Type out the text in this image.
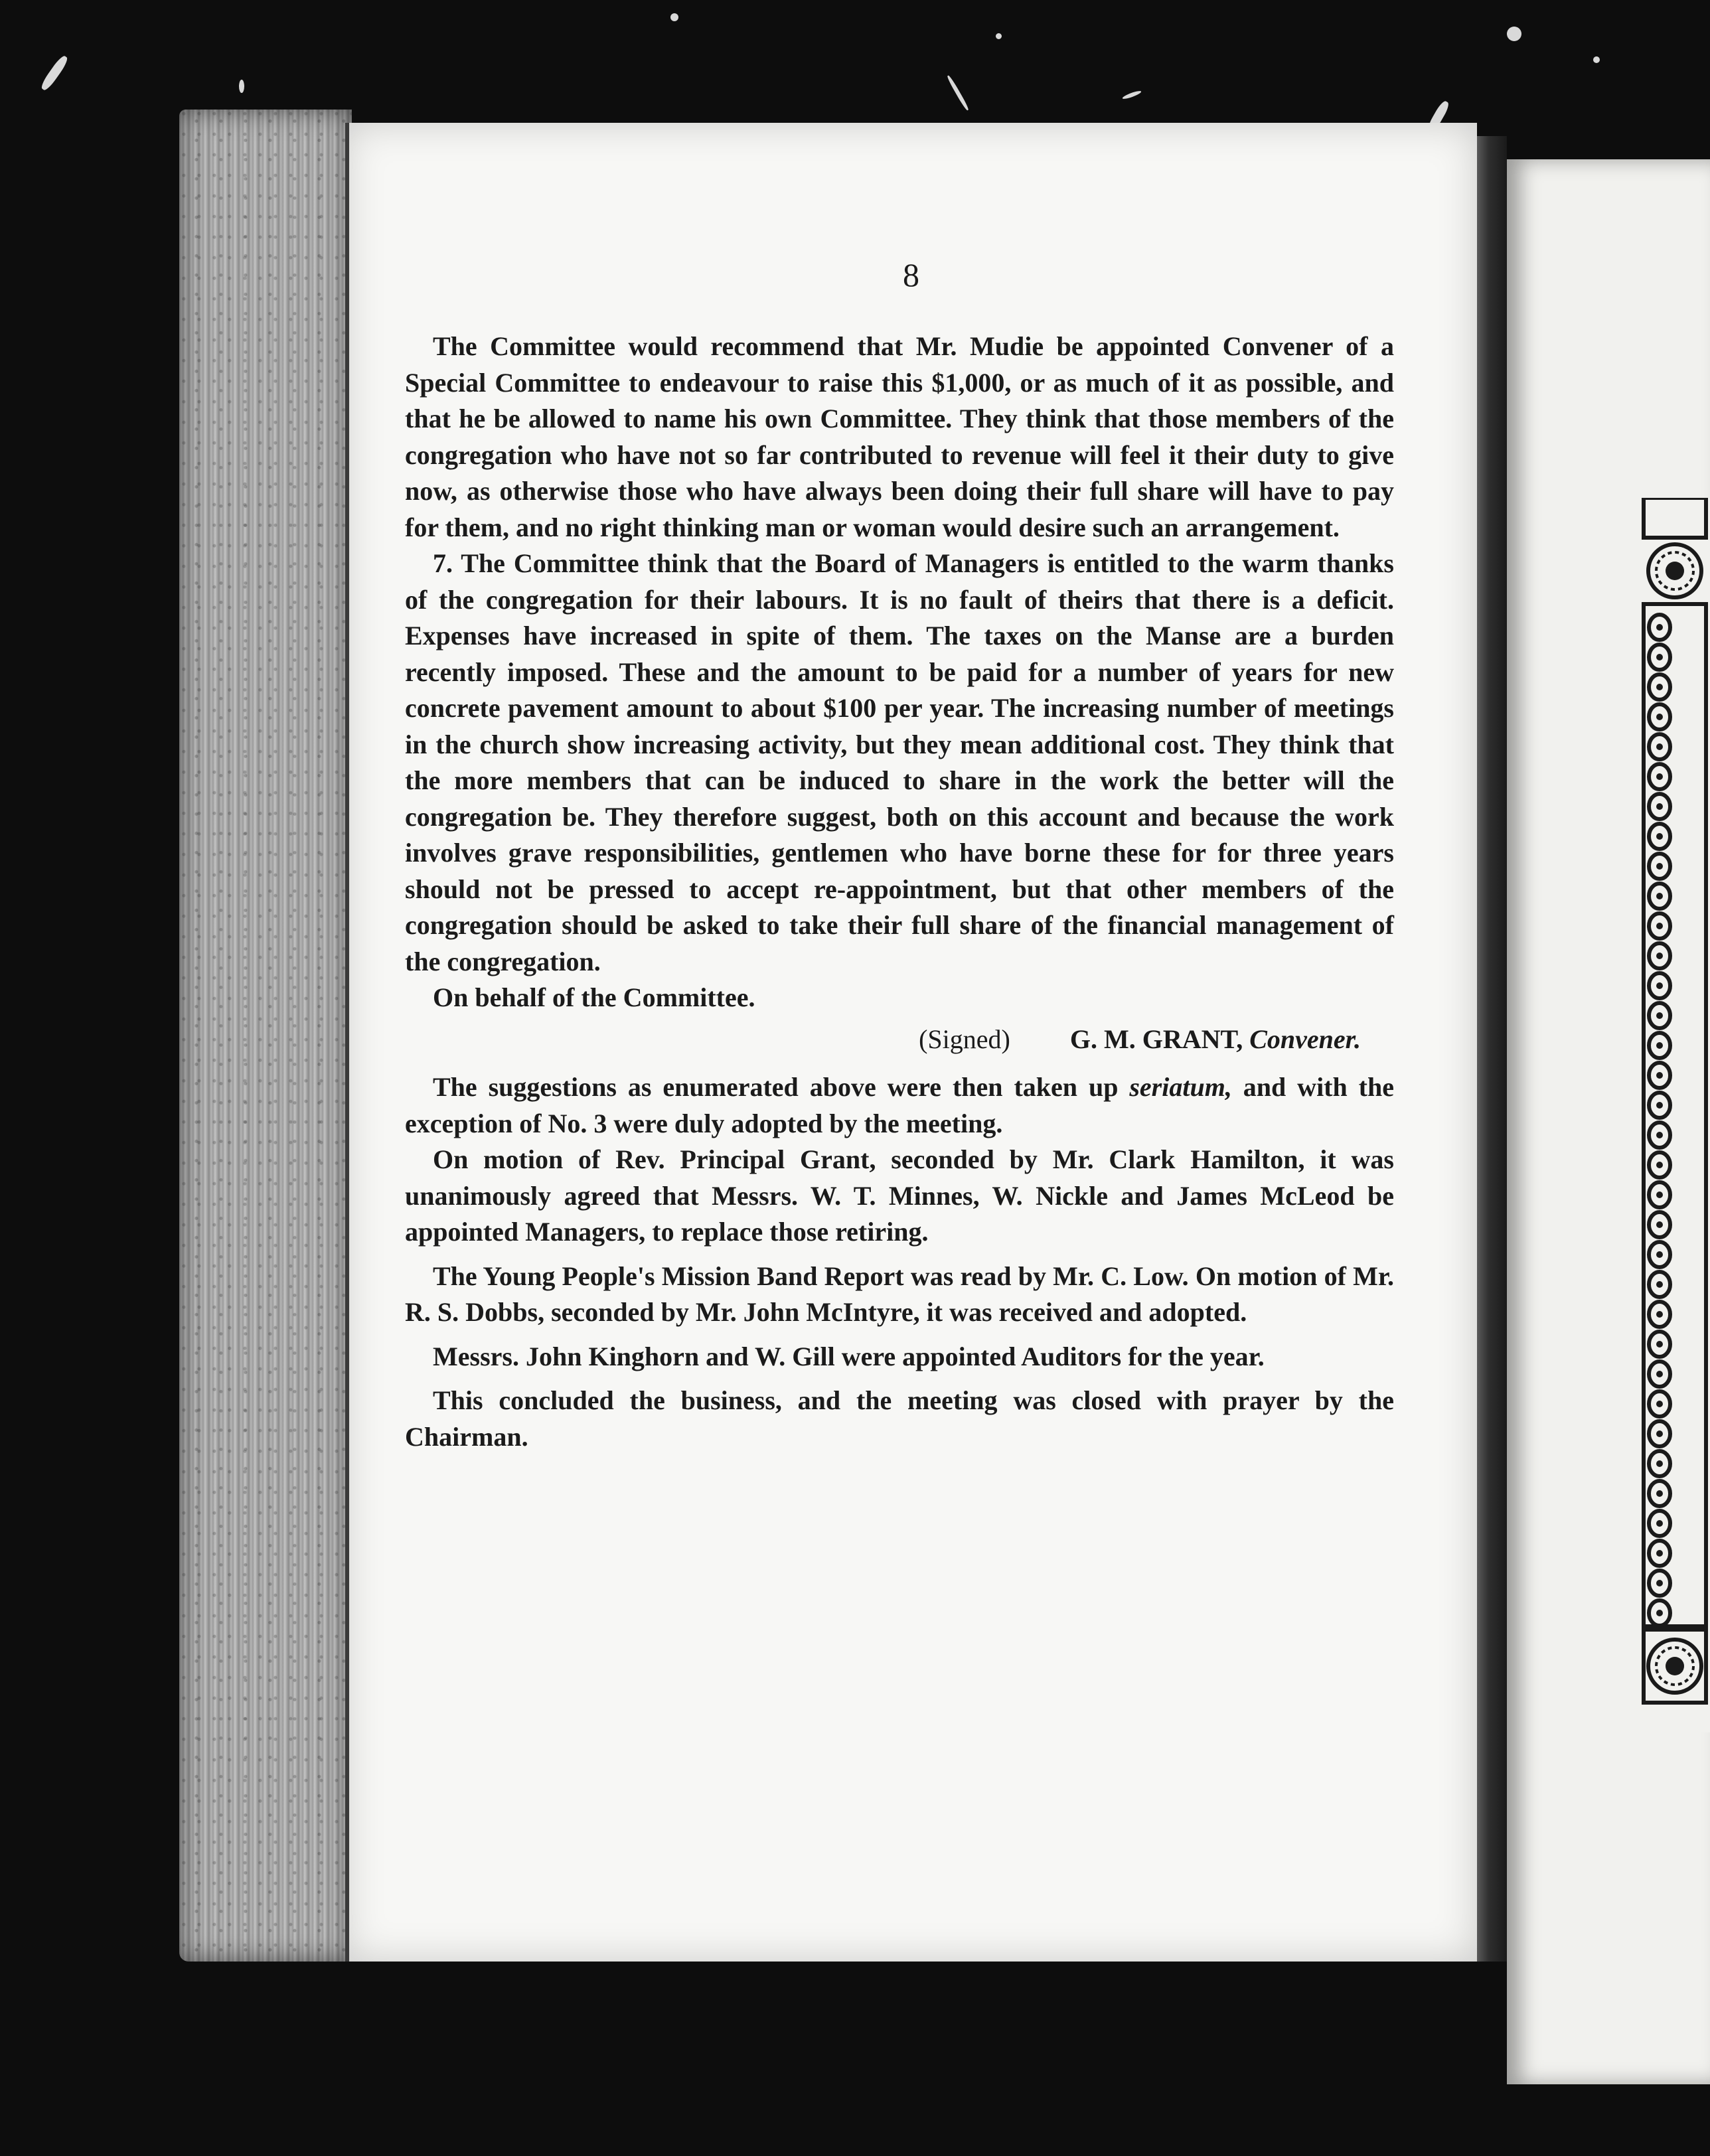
8

The Committee would recommend that Mr. Mudie be appointed Convener of a Special Committee to endeavour to raise this $1,000, or as much of it as possible, and that he be allowed to name his own Committee. They think that those members of the congregation who have not so far contributed to revenue will feel it their duty to give now, as otherwise those who have always been doing their full share will have to pay for them, and no right thinking man or woman would desire such an arrangement.

7. The Committee think that the Board of Managers is entitled to the warm thanks of the congregation for their labours. It is no fault of theirs that there is a deficit. Expenses have increased in spite of them. The taxes on the Manse are a burden recently imposed. These and the amount to be paid for a number of years for new concrete pavement amount to about $100 per year. The increasing number of meetings in the church show increasing activity, but they mean additional cost. They think that the more members that can be induced to share in the work the better will the congregation be. They therefore suggest, both on this account and because the work involves grave responsibilities, gentlemen who have borne these for for three years should not be pressed to accept re-appointment, but that other members of the congregation should be asked to take their full share of the financial management of the congregation.

On behalf of the Committee.

(Signed) G. M. GRANT, Convener.

The suggestions as enumerated above were then taken up seriatum, and with the exception of No. 3 were duly adopted by the meeting.

On motion of Rev. Principal Grant, seconded by Mr. Clark Hamilton, it was unanimously agreed that Messrs. W. T. Minnes, W. Nickle and James McLeod be appointed Managers, to replace those retiring.

The Young People's Mission Band Report was read by Mr. C. Low. On motion of Mr. R. S. Dobbs, seconded by Mr. John McIntyre, it was received and adopted.

Messrs. John Kinghorn and W. Gill were appointed Auditors for the year.

This concluded the business, and the meeting was closed with prayer by the Chairman.
